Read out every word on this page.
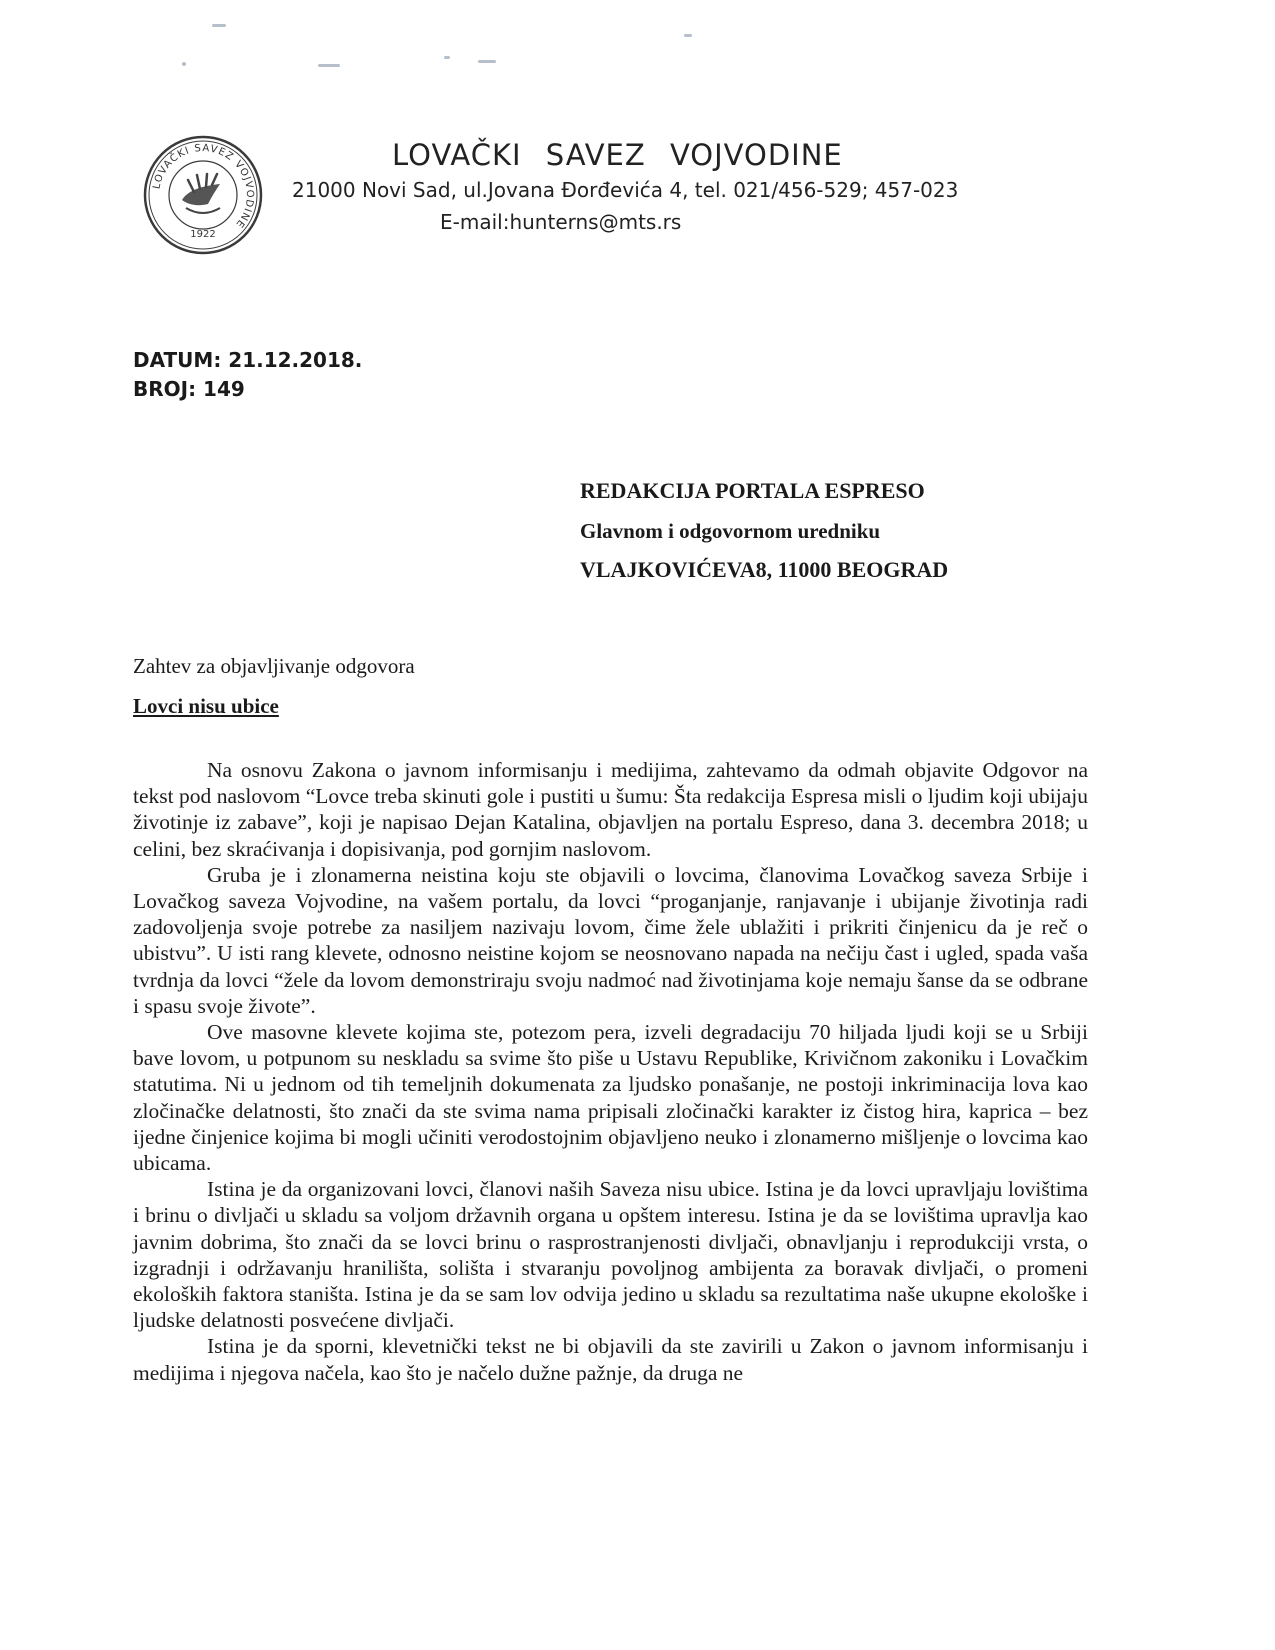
LOVAČKI SAVEZ VOJVODINE
1922
LOVAČKI SAVEZ VOJVODINE
21000 Novi Sad, ul.Jovana Đorđevića 4, tel. 021/456-529; 457-023
E-mail:hunterns@mts.rs
DATUM: 21.12.2018.
BROJ: 149
REDAKCIJA PORTALA ESPRESO
Glavnom i odgovornom uredniku
VLAJKOVIĆEVA8, 11000 BEOGRAD
Zahtev za objavljivanje odgovora
Lovci nisu ubice

Na osnovu Zakona o javnom informisanju i medijima, zahtevamo da odmah objavite Odgovor na tekst pod naslovom “Lovce treba skinuti gole i pustiti u šumu: Šta redakcija Espresa misli o ljudim koji ubijaju životinje iz zabave”, koji je napisao Dejan Katalina, objavljen na portalu Espreso, dana 3. decembra 2018; u celini, bez skraćivanja i dopisivanja, pod gornjim naslovom.

Gruba je i zlonamerna neistina koju ste objavili o lovcima, članovima Lovačkog saveza Srbije i Lovačkog saveza Vojvodine, na vašem portalu, da lovci “proganjanje, ranjavanje i ubijanje životinja radi zadovoljenja svoje potrebe za nasiljem nazivaju lovom, čime žele ublažiti i prikriti činjenicu da je reč o ubistvu”. U isti rang klevete, odnosno neistine kojom se neosnovano napada na nečiju čast i ugled, spada vaša tvrdnja da lovci “žele da lovom demonstriraju svoju nadmoć nad životinjama koje nemaju šanse da se odbrane i spasu svoje živote”.

Ove masovne klevete kojima ste, potezom pera, izveli degradaciju 70 hiljada ljudi koji se u Srbiji bave lovom, u potpunom su neskladu sa svime što piše u Ustavu Republike, Krivičnom zakoniku i Lovačkim statutima. Ni u jednom od tih temeljnih dokumenata za ljudsko ponašanje, ne postoji inkriminacija lova kao zločinačke delatnosti, što znači da ste svima nama pripisali zločinački karakter iz čistog hira, kaprica – bez ijedne činjenice kojima bi mogli učiniti verodostojnim objavljeno neuko i zlonamerno mišljenje o lovcima kao ubicama.

Istina je da organizovani lovci, članovi naših Saveza nisu ubice. Istina je da lovci upravljaju lovištima i brinu o divljači u skladu sa voljom državnih organa u opštem interesu. Istina je da se lovištima upravlja kao javnim dobrima, što znači da se lovci brinu o rasprostranjenosti divljači, obnavljanju i reprodukciji vrsta, o izgradnji i održavanju hranilišta, solišta i stvaranju povoljnog ambijenta za boravak divljači, o promeni ekoloških faktora staništa. Istina je da se sam lov odvija jedino u skladu sa rezultatima naše ukupne ekološke i ljudske delatnosti posvećene divljači.

Istina je da sporni, klevetnički tekst ne bi objavili da ste zavirili u Zakon o javnom informisanju i medijima i njegova načela, kao što je načelo dužne pažnje, da druga ne
